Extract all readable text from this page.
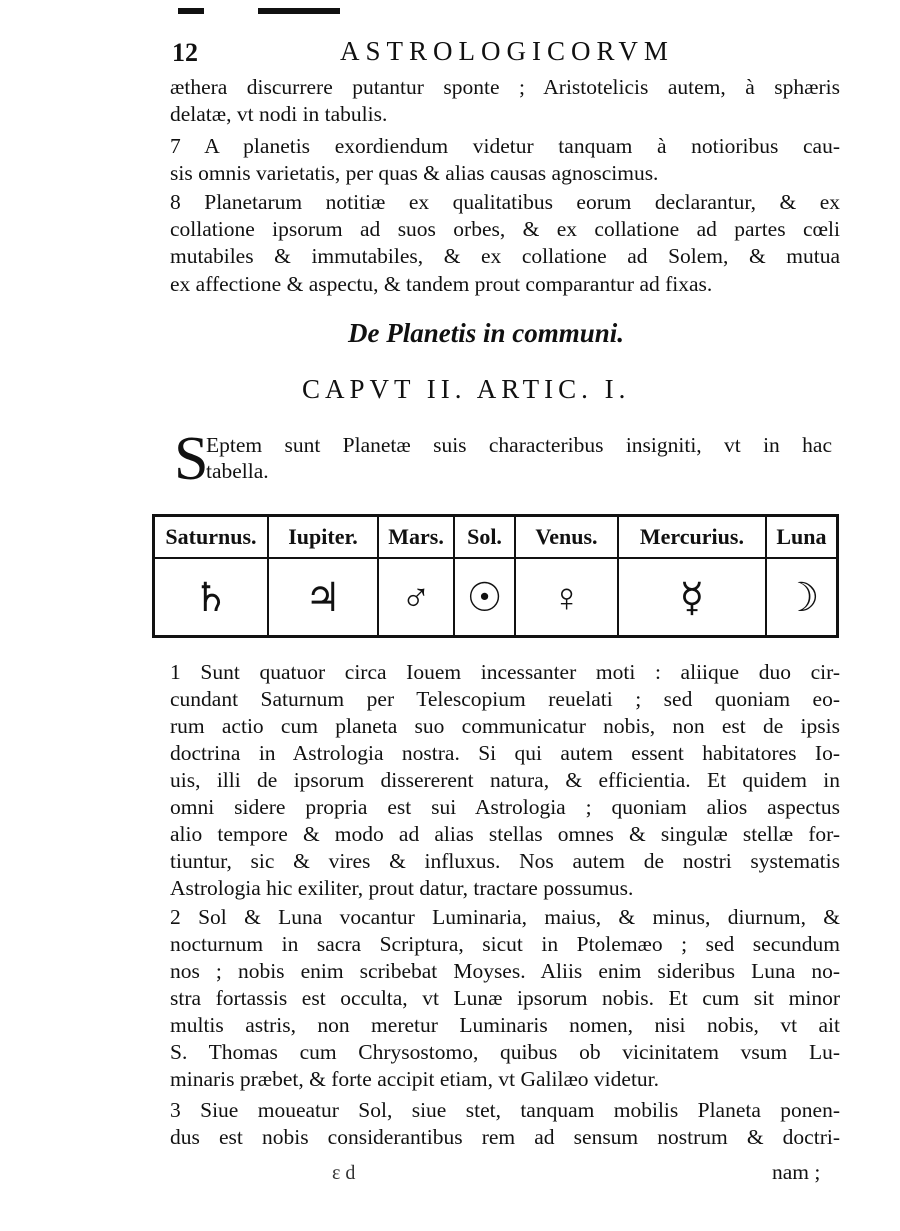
12	ASTROLOGICORVM
æthera discurrere putantur sponte ; Aristotelicis autem, à sphæris
delatæ, vt nodi in tabulis.
7 A planetis exordiendum videtur tanquam à notioribus cau-
sis omnis varietatis, per quas & alias causas agnoscimus.
8 Planetarum notitiæ ex qualitatibus eorum declarantur, & ex
collatione ipsorum ad suos orbes, & ex collatione ad partes cœli
mutabiles & immutabiles, & ex collatione ad Solem, & mutua
ex affectione & aspectu, & tandem prout comparantur ad fixas.
De Planetis in communi.
CAPVT II. ARTIC. I.
S
Eptem sunt Planetæ suis characteribus insigniti, vt in hac
tabella.
Saturnus.	Iupiter.	Mars.	Sol.	Venus.	Mercurius.	Luna
♄	♃	♂	☉	♀	☿	☽
1 Sunt quatuor circa Iouem incessanter moti : aliique duo cir-
cundant Saturnum per Telescopium reuelati ; sed quoniam eo-
rum actio cum planeta suo communicatur nobis, non est de ipsis
doctrina in Astrologia nostra. Si qui autem essent habitatores Io-
uis, illi de ipsorum dissererent natura, & efficientia. Et quidem in
omni sidere propria est sui Astrologia ; quoniam alios aspectus
alio tempore & modo ad alias stellas omnes & singulæ stellæ for-
tiuntur, sic & vires & influxus. Nos autem de nostri systematis
Astrologia hic exiliter, prout datur, tractare possumus.
2 Sol & Luna vocantur Luminaria, maius, & minus, diurnum, &
nocturnum in sacra Scriptura, sicut in Ptolemæo ; sed secundum
nos ; nobis enim scribebat Moyses. Aliis enim sideribus Luna no-
stra fortassis est occulta, vt Lunæ ipsorum nobis. Et cum sit minor
multis astris, non meretur Luminaris nomen, nisi nobis, vt ait
S. Thomas cum Chrysostomo, quibus ob vicinitatem vsum Lu-
minaris præbet, & forte accipit etiam, vt Galilæo videtur.
3 Siue moueatur Sol, siue stet, tanquam mobilis Planeta ponen-
dus est nobis considerantibus rem ad sensum nostrum & doctri-
ε d	nam ;
